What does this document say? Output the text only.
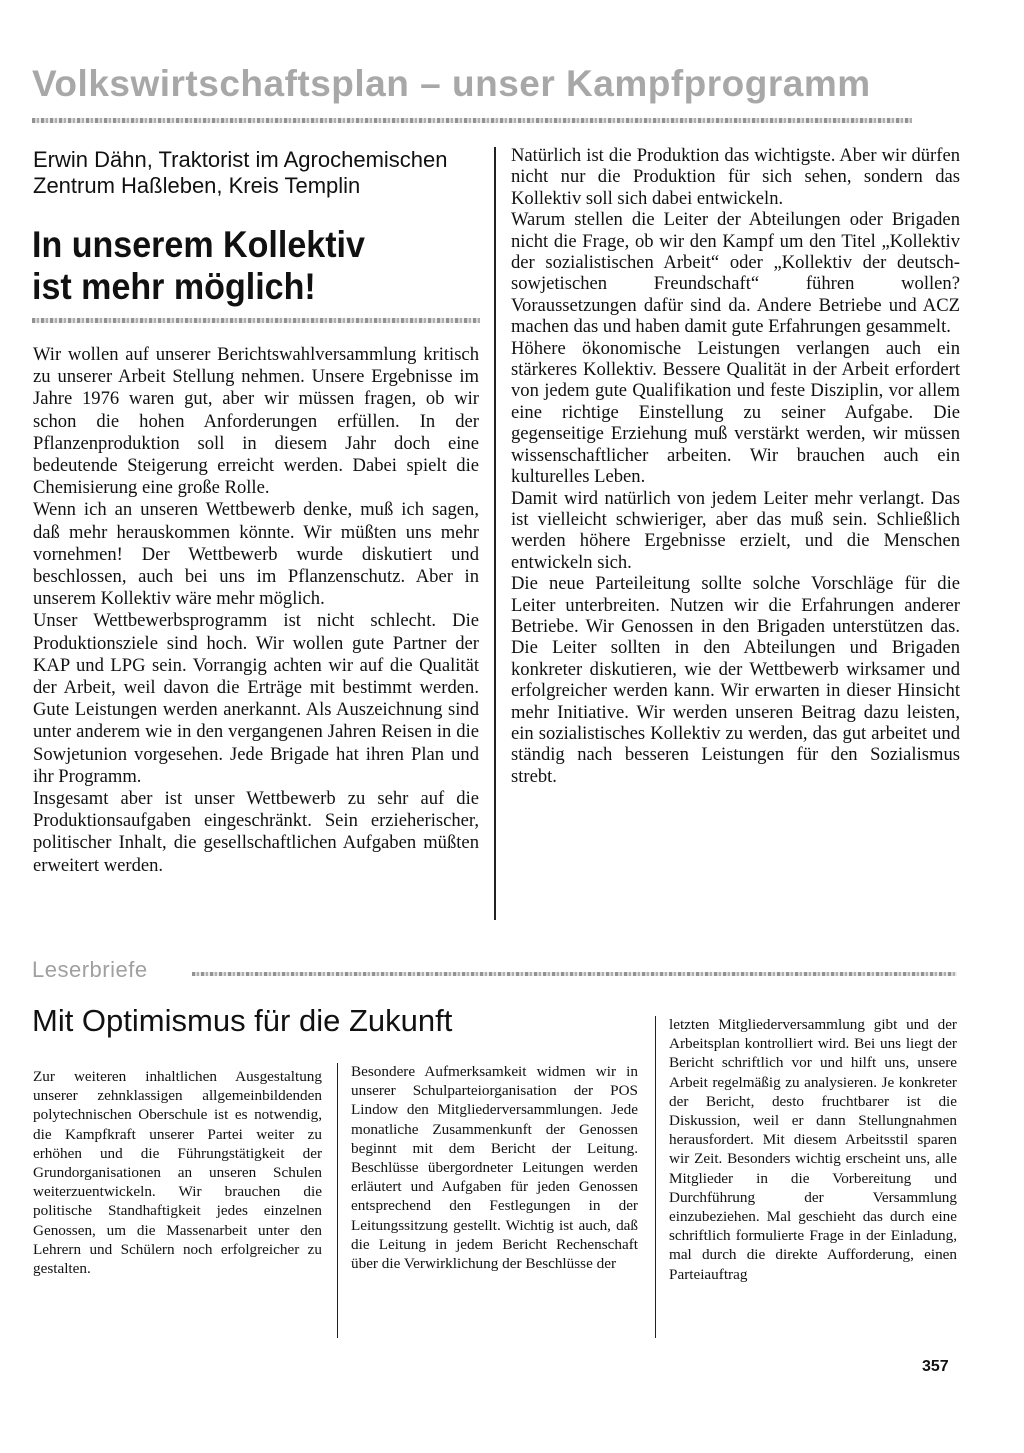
Volkswirtschaftsplan – unser Kampfprogramm
Erwin Dähn, Traktorist im Agrochemischen Zentrum Haßleben, Kreis Templin
In unserem Kollektiv
ist mehr möglich!

Wir wollen auf unserer Berichtswahlversammlung kritisch zu unserer Arbeit Stellung nehmen. Unsere Ergebnisse im Jahre 1976 waren gut, aber wir müssen fragen, ob wir schon die hohen Anforderungen erfüllen. In der Pflanzenproduktion soll in diesem Jahr doch eine bedeutende Steigerung erreicht werden. Dabei spielt die Chemisierung eine große Rolle.

Wenn ich an unseren Wettbewerb denke, muß ich sagen, daß mehr herauskommen könnte. Wir müßten uns mehr vornehmen! Der Wettbewerb wurde diskutiert und beschlossen, auch bei uns im Pflanzenschutz. Aber in unserem Kollektiv wäre mehr möglich.

Unser Wettbewerbsprogramm ist nicht schlecht. Die Produktionsziele sind hoch. Wir wollen gute Partner der KAP und LPG sein. Vorrangig achten wir auf die Qualität der Arbeit, weil davon die Erträge mit bestimmt werden. Gute Leistungen werden anerkannt. Als Auszeichnung sind unter anderem wie in den vergangenen Jahren Reisen in die Sowjetunion vorgesehen. Jede Brigade hat ihren Plan und ihr Programm.

Insgesamt aber ist unser Wettbewerb zu sehr auf die Produktionsaufgaben eingeschränkt. Sein erzieherischer, politischer Inhalt, die gesellschaftlichen Aufgaben müßten erweitert werden.

Natürlich ist die Produktion das wichtigste. Aber wir dürfen nicht nur die Produktion für sich sehen, sondern das Kollektiv soll sich dabei entwickeln.

Warum stellen die Leiter der Abteilungen oder Brigaden nicht die Frage, ob wir den Kampf um den Titel „Kollektiv der sozialistischen Arbeit“ oder „Kollektiv der deutsch-sowjetischen Freundschaft“ führen wollen? Voraussetzungen dafür sind da. Andere Betriebe und ACZ machen das und haben damit gute Erfahrungen gesammelt.

Höhere ökonomische Leistungen verlangen auch ein stärkeres Kollektiv. Bessere Qualität in der Arbeit erfordert von jedem gute Qualifikation und feste Disziplin, vor allem eine richtige Einstellung zu seiner Aufgabe. Die gegenseitige Erziehung muß verstärkt werden, wir müssen wissenschaftlicher arbeiten. Wir brauchen auch ein kulturelles Leben.

Damit wird natürlich von jedem Leiter mehr verlangt. Das ist vielleicht schwieriger, aber das muß sein. Schließlich werden höhere Ergebnisse erzielt, und die Menschen entwickeln sich.

Die neue Parteileitung sollte solche Vorschläge für die Leiter unterbreiten. Nutzen wir die Erfahrungen anderer Betriebe. Wir Genossen in den Brigaden unterstützen das. Die Leiter sollten in den Abteilungen und Brigaden konkreter diskutieren, wie der Wettbewerb wirksamer und erfolgreicher werden kann. Wir erwarten in dieser Hinsicht mehr Initiative. Wir werden unseren Beitrag dazu leisten, ein sozialistisches Kollektiv zu werden, das gut arbeitet und ständig nach besseren Leistungen für den Sozialismus strebt.

Leserbriefe
Mit Optimismus für die Zukunft
Zur weiteren inhaltlichen Ausgestaltung unserer zehnklassigen allgemeinbildenden polytechnischen Oberschule ist es notwendig, die Kampfkraft unserer Partei weiter zu erhöhen und die Führungstätigkeit der Grundorganisationen an unseren Schulen weiterzuentwickeln. Wir brauchen die politische Standhaftigkeit jedes einzelnen Genossen, um die Massenarbeit unter den Lehrern und Schülern noch erfolgreicher zu gestalten.
Besondere Aufmerksamkeit widmen wir in unserer Schulparteiorganisation der POS Lindow den Mitgliederversammlungen. Jede monatliche Zusammenkunft der Genossen beginnt mit dem Bericht der Leitung. Beschlüsse übergordneter Leitungen werden erläutert und Aufgaben für jeden Genossen entsprechend den Festlegungen in der Leitungssitzung gestellt. Wichtig ist auch, daß die Leitung in jedem Bericht Rechenschaft über die Verwirklichung der Beschlüsse der
letzten Mitgliederversammlung gibt und der Arbeitsplan kontrolliert wird. Bei uns liegt der Bericht schriftlich vor und hilft uns, unsere Arbeit regelmäßig zu analysieren. Je konkreter der Bericht, desto fruchtbarer ist die Diskussion, weil er dann Stellungnahmen herausfordert. Mit diesem Arbeitsstil sparen wir Zeit. Besonders wichtig erscheint uns, alle Mitglieder in die Vorbereitung und Durchführung der Versammlung einzubeziehen. Mal geschieht das durch eine schriftlich formulierte Frage in der Einladung, mal durch die direkte Aufforderung, einen Parteiauftrag
357
